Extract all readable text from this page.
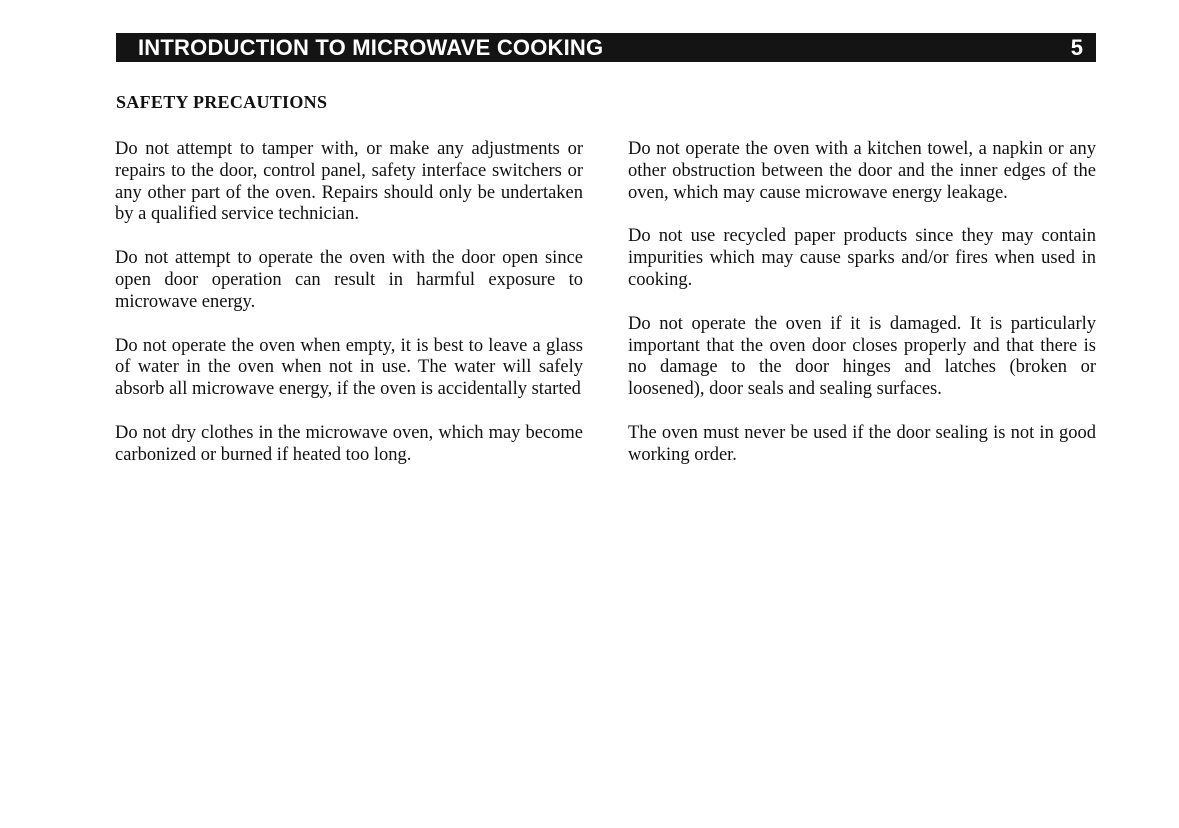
INTRODUCTION TO MICROWAVE COOKING	5
SAFETY PRECAUTIONS

Do not attempt to tamper with, or make any adjustments or repairs to the door, control panel, safety interface switchers or any other part of the oven. Repairs should only be undertaken by a qualified service technician.

Do not attempt to operate the oven with the door open since open door operation can result in harmful exposure to microwave energy.

Do not operate the oven when empty, it is best to leave a glass of water in the oven when not in use. The water will safely absorb all microwave energy, if the oven is accidentally started

Do not dry clothes in the microwave oven, which may become carbonized or burned if heated too long.

Do not operate the oven with a kitchen towel, a napkin or any other obstruction between the door and the inner edges of the oven, which may cause microwave energy leakage.

Do not use recycled paper products since they may contain impurities which may cause sparks and/or fires when used in cooking.

Do not operate the oven if it is damaged. It is particularly important that the oven door closes properly and that there is no damage to the door hinges and latches (broken or loosened), door seals and sealing surfaces.

The oven must never be used if the door sealing is not in good working order.
